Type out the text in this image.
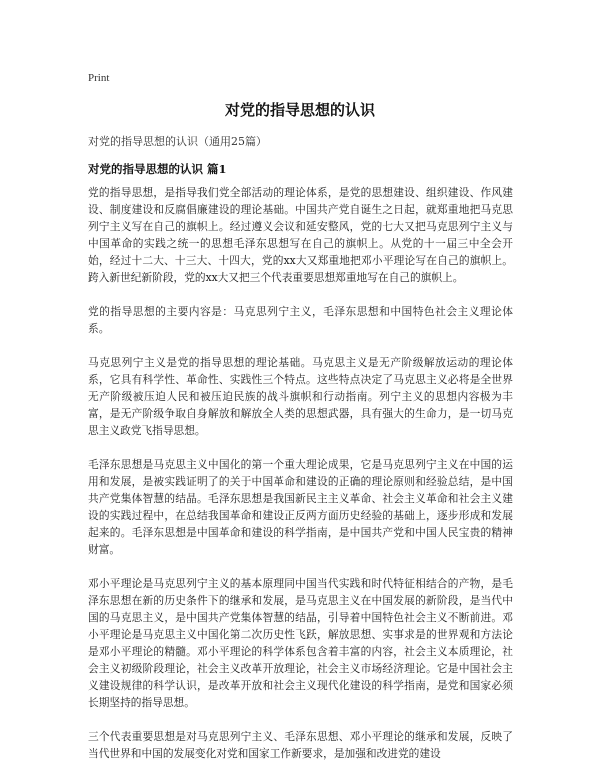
Print
对党的指导思想的认识
对党的指导思想的认识（通用25篇）
对党的指导思想的认识 篇1

党的指导思想，是指导我们党全部活动的理论体系，是党的思想建设、组织建设、作风建设、制度建设和反腐倡廉建设的理论基础。中国共产党自诞生之日起，就郑重地把马克思列宁主义写在自己的旗帜上。经过遵义会议和延安整风，党的七大又把马克思列宁主义与中国革命的实践之统一的思想毛泽东思想写在自己的旗帜上。从党的十一届三中全会开始，经过十二大、十三大、十四大，党的xx大又郑重地把邓小平理论写在自己的旗帜上。跨入新世纪新阶段，党的xx大又把三个代表重要思想郑重地写在自己的旗帜上。

党的指导思想的主要内容是：马克思列宁主义，毛泽东思想和中国特色社会主义理论体系。

马克思列宁主义是党的指导思想的理论基础。马克思主义是无产阶级解放运动的理论体系，它具有科学性、革命性、实践性三个特点。这些特点决定了马克思主义必将是全世界无产阶级被压迫人民和被压迫民族的战斗旗帜和行动指南。列宁主义的思想内容极为丰富，是无产阶级争取自身解放和解放全人类的思想武器，具有强大的生命力，是一切马克思主义政党飞指导思想。

毛泽东思想是马克思主义中国化的第一个重大理论成果，它是马克思列宁主义在中国的运用和发展，是被实践证明了的关于中国革命和建设的正确的理论原则和经验总结，是中国共产党集体智慧的结晶。毛泽东思想是我国新民主主义革命、社会主义革命和社会主义建设的实践过程中，在总结我国革命和建设正反两方面历史经验的基础上，逐步形成和发展起来的。毛泽东思想是中国革命和建设的科学指南，是中国共产党和中国人民宝贵的精神财富。

邓小平理论是马克思列宁主义的基本原理同中国当代实践和时代特征相结合的产物，是毛泽东思想在新的历史条件下的继承和发展，是马克思主义在中国发展的新阶段，是当代中国的马克思主义，是中国共产党集体智慧的结晶，引导着中国特色社会主义不断前进。邓小平理论是马克思主义中国化第二次历史性飞跃，解放思想、实事求是的世界观和方法论是邓小平理论的精髓。邓小平理论的科学体系包含着丰富的内容，社会主义本质理论，社会主义初级阶段理论，社会主义改革开放理论，社会主义市场经济理论。它是中国社会主义建设规律的科学认识，是改革开放和社会主义现代化建设的科学指南，是党和国家必须长期坚持的指导思想。

三个代表重要思想是对马克思列宁主义、毛泽东思想、邓小平理论的继承和发展，反映了当代世界和中国的发展变化对党和国家工作新要求，是加强和改进党的建设
